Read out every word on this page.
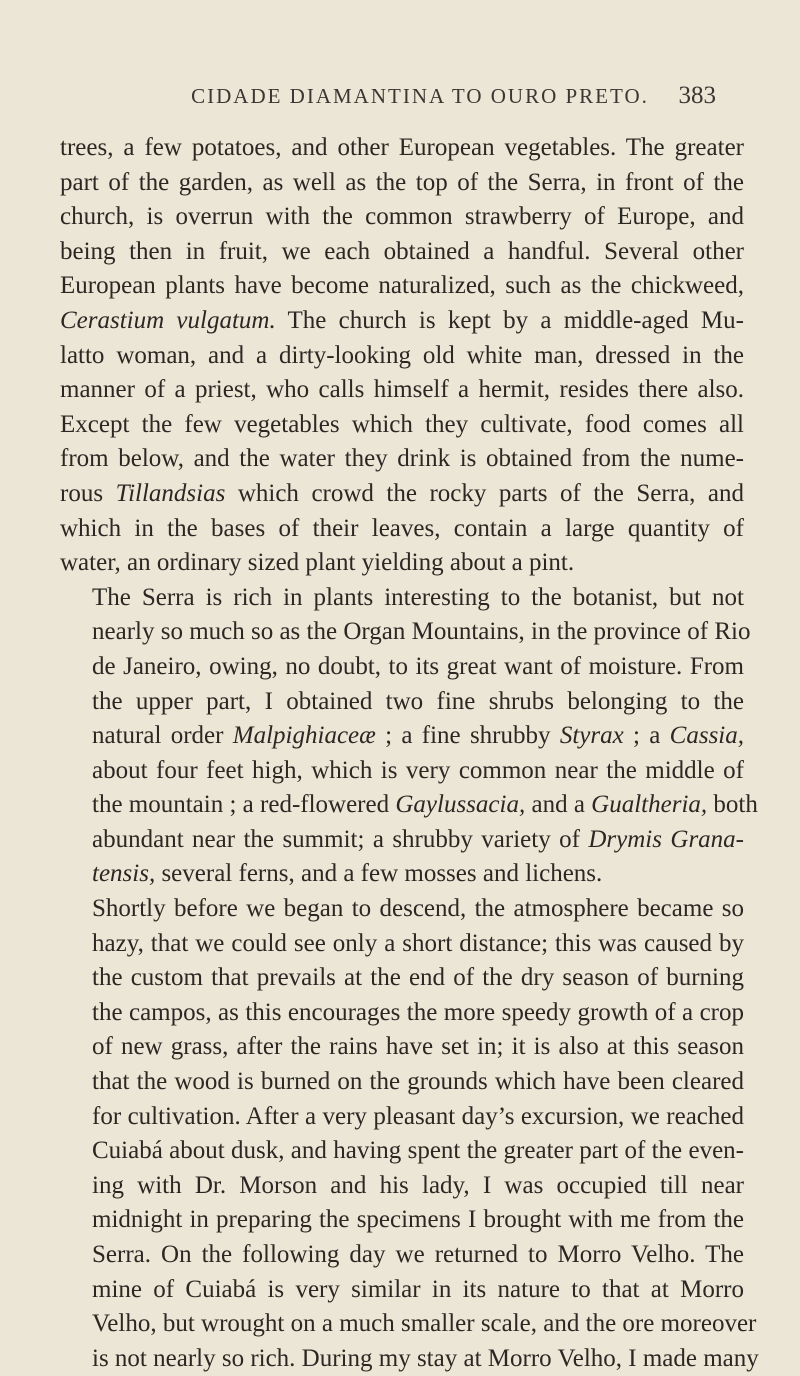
CIDADE DIAMANTINA TO OURO PRETO.	383

trees, a few potatoes, and other European vegetables. The greater
part of the garden, as well as the top of the Serra, in front of the
church, is overrun with the common strawberry of Europe, and
being then in fruit, we each obtained a handful. Several other
European plants have become naturalized, such as the chickweed,
Cerastium vulgatum. The church is kept by a middle-aged Mu-
latto woman, and a dirty-looking old white man, dressed in the
manner of a priest, who calls himself a hermit, resides there also.
Except the few vegetables which they cultivate, food comes all
from below, and the water they drink is obtained from the nume-
rous Tillandsias which crowd the rocky parts of the Serra, and
which in the bases of their leaves, contain a large quantity of
water, an ordinary sized plant yielding about a pint.

The Serra is rich in plants interesting to the botanist, but not
nearly so much so as the Organ Mountains, in the province of Rio
de Janeiro, owing, no doubt, to its great want of moisture. From
the upper part, I obtained two fine shrubs belonging to the
natural order Malpighiaceæ ; a fine shrubby Styrax ; a Cassia,
about four feet high, which is very common near the middle of
the mountain ; a red-flowered Gaylussacia, and a Gualtheria, both
abundant near the summit; a shrubby variety of Drymis Grana-
tensis, several ferns, and a few mosses and lichens.

Shortly before we began to descend, the atmosphere became so
hazy, that we could see only a short distance; this was caused by
the custom that prevails at the end of the dry season of burning
the campos, as this encourages the more speedy growth of a crop
of new grass, after the rains have set in; it is also at this season
that the wood is burned on the grounds which have been cleared
for cultivation. After a very pleasant day’s excursion, we reached
Cuiabá about dusk, and having spent the greater part of the even-
ing with Dr. Morson and his lady, I was occupied till near
midnight in preparing the specimens I brought with me from the
Serra. On the following day we returned to Morro Velho. The
mine of Cuiabá is very similar in its nature to that at Morro
Velho, but wrought on a much smaller scale, and the ore moreover
is not nearly so rich. During my stay at Morro Velho, I made many
